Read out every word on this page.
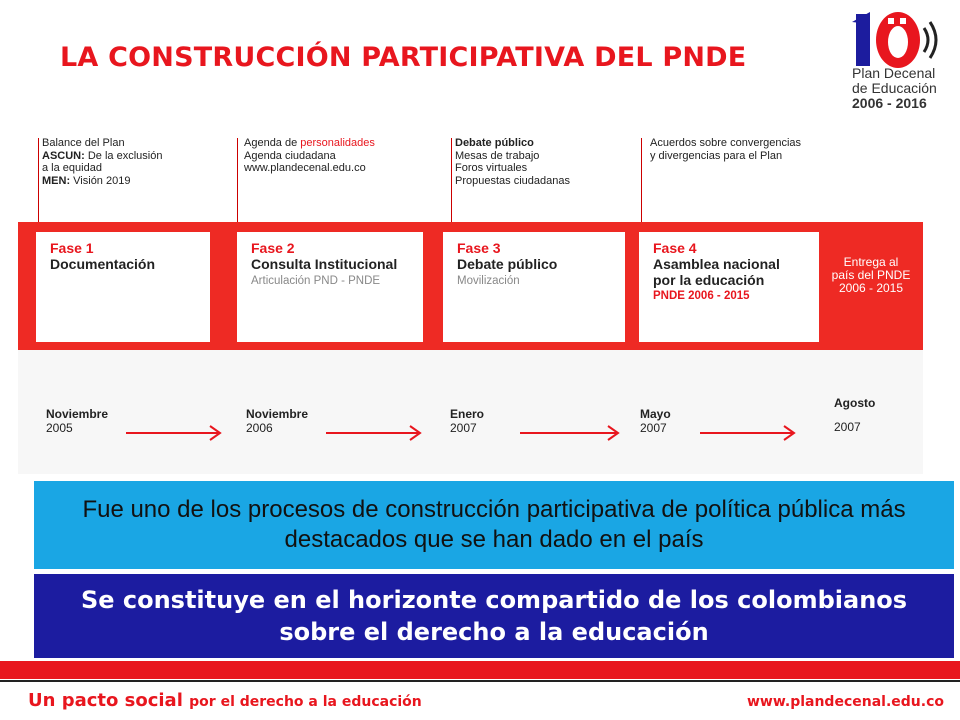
LA CONSTRUCCIÓN PARTICIPATIVA DEL PNDE	Plan Decenal
de Educación
2006 - 2016
Balance del Plan
ASCUN: De la exclusión
a la equidad
MEN: Visión 2019
Agenda de personalidades
Agenda ciudadana
www.plandecenal.edu.co
Debate público
Mesas de trabajo
Foros virtuales
Propuestas ciudadanas
Acuerdos sobre convergencias
y divergencias para el Plan
Fase 1
Documentación
Fase 2
Consulta Institucional
Articulación PND - PNDE
Fase 3
Debate público
Movilización
Fase 4
Asamblea nacional por la educación
PNDE 2006 - 2015
Entrega al país del PNDE 2006 - 2015
Noviembre
2005
Noviembre
2006
Enero
2007
Mayo
2007
Agosto
2007
Fue uno de los procesos de construcción participativa de política pública más destacados que se han dado en el país
Se constituye en el horizonte compartido de los colombianos sobre el derecho a la educación
Un pacto social por el derecho a la educación	www.plandecenal.edu.co
